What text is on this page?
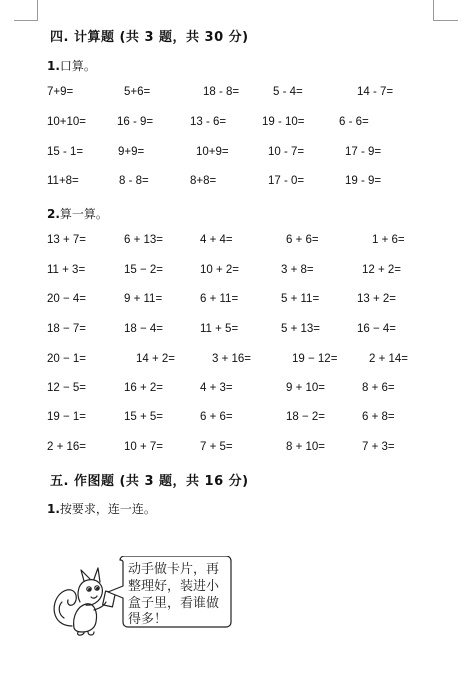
四. 计算题 (共 3 题，共 30 分)
1.口算。
7+9=	5+6=	18 - 8=	5 - 4=	14 - 7=
10+10=	16 - 9=	13 - 6=	19 - 10=	6 - 6=
15 - 1=	9+9=	10+9=	10 - 7=	17 - 9=
11+8=	8 - 8=	8+8=	17 - 0=	19 - 9=
2.算一算。
13 + 7=	6 + 13=	4 + 4=	6 + 6=	1 + 6=
11 + 3=	15 − 2=	10 + 2=	3 + 8=	12 + 2=
20 − 4=	9 + 11=	6 + 11=	5 + 11=	13 + 2=
18 − 7=	18 − 4=	11 + 5=	5 + 13=	16 − 4=
20 − 1=	14 + 2=	3 + 16=	19 − 12=	2 + 14=
12 − 5=	16 + 2=	4 + 3=	9 + 10=	8 + 6=
19 − 1=	15 + 5=	6 + 6=	18 − 2=	6 + 8=
2 + 16=	10 + 7=	7 + 5=	8 + 10=	7 + 3=
五. 作图题 (共 3 题，共 16 分)
1.按要求，连一连。
动手做卡片，再
整理好，装进小
盒子里，看谁做
得多！
